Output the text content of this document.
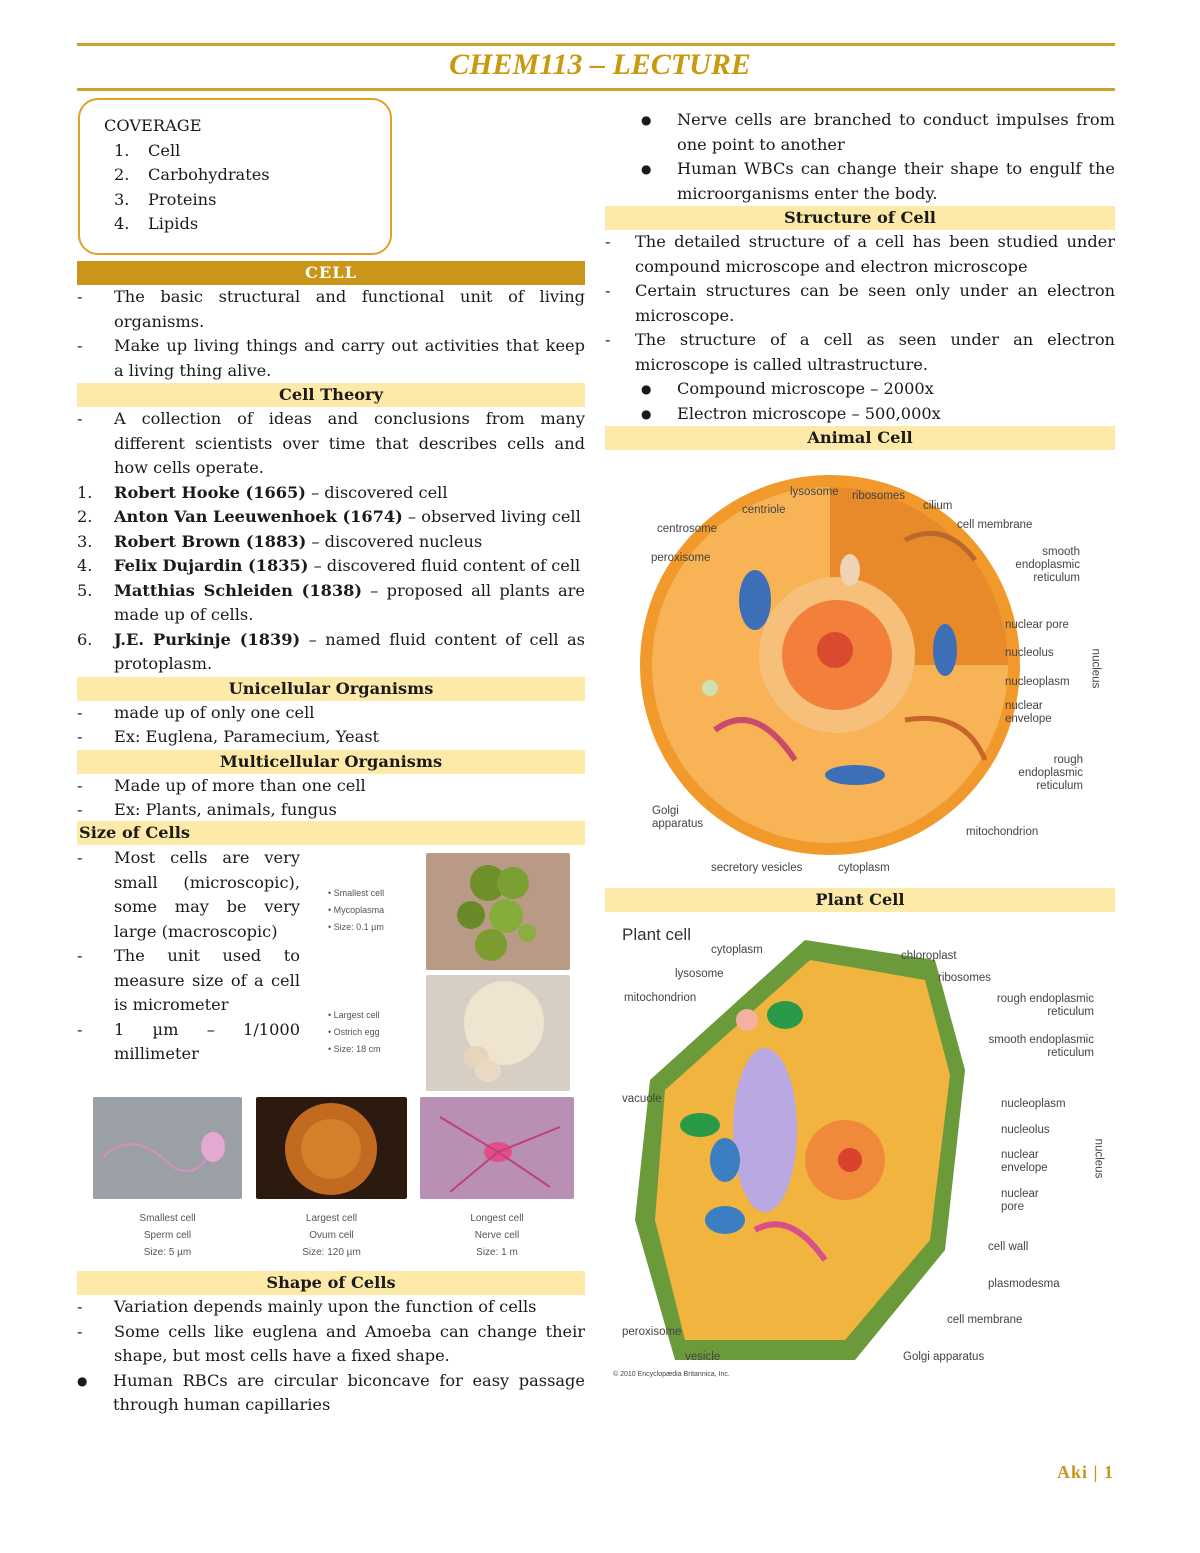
CHEM113 – LECTURE
COVERAGE
1.	Cell
2.	Carbohydrates
3.	Proteins
4.	Lipids

CELL

-	The basic structural and functional unit of living organisms.
-	Make up living things and carry out activities that keep a living thing alive.

Cell Theory

-	A collection of ideas and conclusions from many different scientists over time that describes cells and how cells operate.
1.	Robert Hooke (1665) – discovered cell
2.	Anton Van Leeuwenhoek (1674) – observed living cell
3.	Robert Brown (1883) – discovered nucleus
4.	Felix Dujardin (1835) – discovered fluid content of cell
5.	Matthias Schleiden (1838) – proposed all plants are made up of cells.
6.	J.E. Purkinje (1839) – named fluid content of cell as protoplasm.

Unicellular Organisms

-	made up of only one cell
-	Ex: Euglena, Paramecium, Yeast

Multicellular Organisms

-	Made up of more than one cell
-	Ex: Plants, animals, fungus

Size of Cells

-	Most cells are very small (microscopic), some may be very large (macroscopic)
-	The unit used to measure size of a cell is micrometer
-	1 µm – 1/1000 millimeter
• Smallest cell
• Mycoplasma
• Size: 0.1 µm
• Largest cell
• Ostrich egg
• Size: 18 cm
Smallest cell
Sperm cell
Size: 5 µm
Largest cell
Ovum cell
Size: 120 µm
Longest cell
Nerve cell
Size: 1 m

Shape of Cells

-	Variation depends mainly upon the function of cells
-	Some cells like euglena and Amoeba can change their shape, but most cells have a fixed shape.
●	Human RBCs are circular biconcave for easy passage through human capillaries
●	Nerve cells are branched to conduct impulses from one point to another
●	Human WBCs can change their shape to engulf the microorganisms enter the body.

Structure of Cell

-	The detailed structure of a cell has been studied under compound microscope and electron microscope
-	Certain structures can be seen only under an electron microscope.
-	The structure of a cell as seen under an electron microscope is called ultrastructure.
●	Compound microscope – 2000x
●	Electron microscope – 500,000x

Animal Cell

lysosome ribosomes
centriole	cilium
centrosome	cell membrane
smooth endoplasmic reticulum
peroxisome
nuclear pore
nucleolus
nucleoplasm
nuclear envelope
nucleus
rough endoplasmic reticulum
Golgi apparatus
mitochondrion
secretory vesicles	cytoplasm

Plant Cell

Plant cell
cytoplasm	chloroplast
lysosome	ribosomes
mitochondrion	rough endoplasmic reticulum
smooth endoplasmic reticulum
vacuole	nucleoplasm
nucleolus
nuclear envelope
nuclear pore
nucleus
cell wall
plasmodesma
peroxisome
cell membrane
vesicle	Golgi apparatus
© 2010 Encyclopædia Britannica, Inc.
Aki | 1
